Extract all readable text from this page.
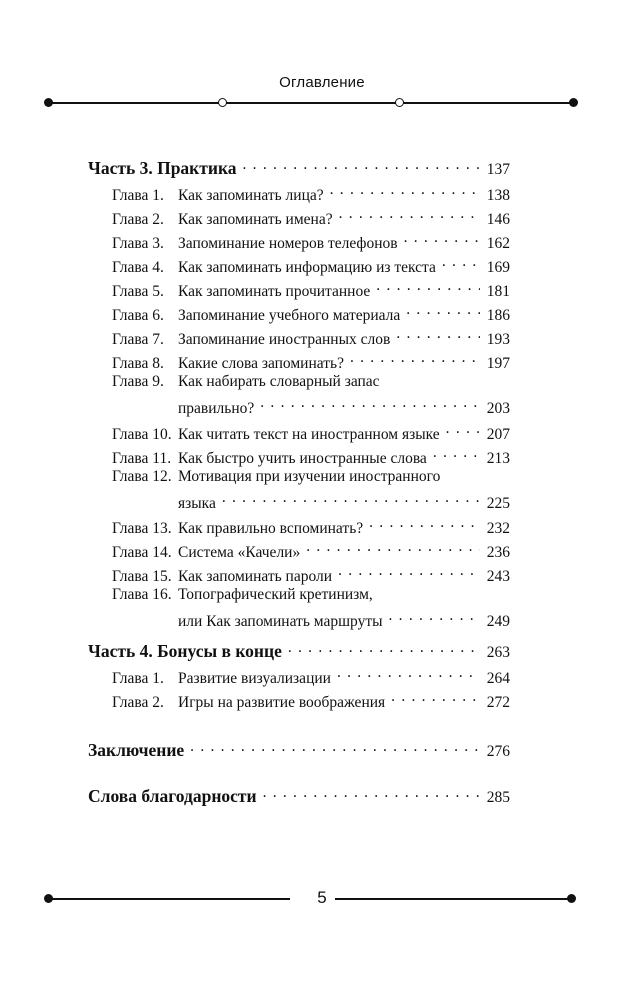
Оглавление
Часть 3. Практика . . .	137
Глава 1. Как запоминать лица? . . .	138
Глава 2. Как запоминать имена? . . .	146
Глава 3. Запоминание номеров телефонов . . .	162
Глава 4. Как запоминать информацию из текста . . .	169
Глава 5. Как запоминать прочитанное . . .	181
Глава 6. Запоминание учебного материала . . .	186
Глава 7. Запоминание иностранных слов . . .	193
Глава 8. Какие слова запоминать? . . .	197
Глава 9. Как набирать словарный запас
правильно? . . .	203
Глава 10. Как читать текст на иностранном языке . . .	207
Глава 11. Как быстро учить иностранные слова . . .	213
Глава 12. Мотивация при изучении иностранного
языка . . .	225
Глава 13. Как правильно вспоминать? . . .	232
Глава 14. Система «Качели» . . .	236
Глава 15. Как запоминать пароли . . .	243
Глава 16. Топографический кретинизм,
или Как запоминать маршруты . . .	249
Часть 4. Бонусы в конце . . .	263
Глава 1. Развитие визуализации . . .	264
Глава 2. Игры на развитие воображения . . .	272
Заключение . . .	276
Слова благодарности . . .	285
5
